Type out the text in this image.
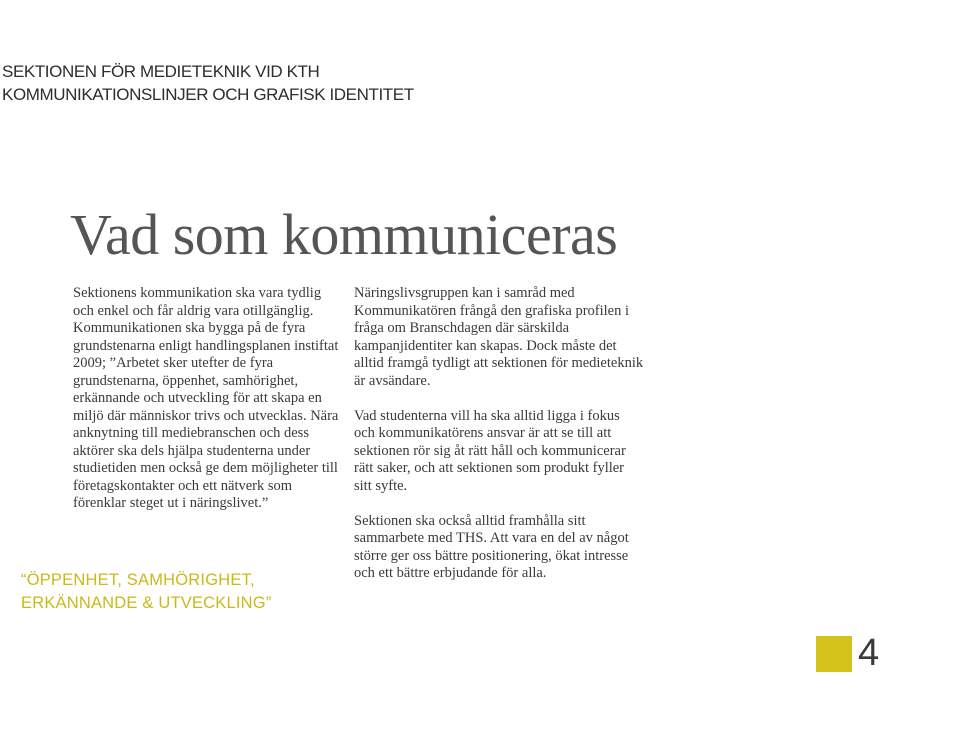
SEKTIONEN FÖR MEDIETEKNIK VID KTH
KOMMUNIKATIONSLINJER OCH GRAFISK IDENTITET
Vad som kommuniceras

Sektionens kommunikation ska vara tydlig och enkel och får aldrig vara otillgänglig. Kommunikationen ska bygga på de fyra grundstenarna enligt handlingsplanen instiftat 2009; ”Arbetet sker utefter de fyra grundstenarna, öppenhet, samhörighet, erkännande och utveckling för att skapa en miljö där människor trivs och utvecklas. Nära anknytning till mediebranschen och dess aktörer ska dels hjälpa studenterna under studietiden men också ge dem möjligheter till företagskontakter och ett nätverk som förenklar steget ut i näringslivet.”

“ÖPPENHET, SAMHÖRIGHET,
ERKÄNNANDE & UTVECKLING”

Näringslivsgruppen kan i samråd med Kommunikatören frångå den grafiska profilen i fråga om Branschdagen där särskilda kampanjidentiter kan skapas. Dock måste det alltid framgå tydligt att sektionen för medieteknik är avsändare.

Vad studenterna vill ha ska alltid ligga i fokus och kommunikatörens ansvar är att se till att sektionen rör sig åt rätt håll och kommunicerar rätt saker, och att sektionen som produkt fyller sitt syfte.

Sektionen ska också alltid framhålla sitt sammarbete med THS. Att vara en del av något större ger oss bättre positionering, ökat intresse och ett bättre erbjudande för alla.

4
